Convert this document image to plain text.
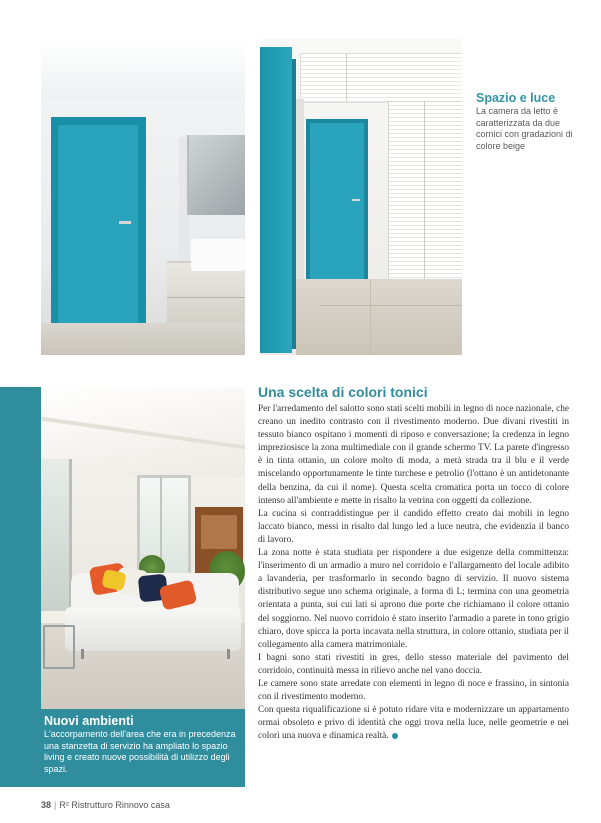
Spazio e luce
La camera da letto è caratterizzata da due cornici con gradazioni di colore beige
Nuovi ambienti
L'accorpamento dell'area che era in precedenza una stanzetta di servizio ha ampliato lo spazio living e creato nuove possibilità di utilizzo degli spazi.
Una scelta di colori tonici

Per l'arredamento del salotto sono stati scelti mobili in legno di noce nazionale, che creano un inedito contrasto con il rivestimento moderno. Due divani rivestiti in tessuto bianco ospitano i momenti di riposo e conversazione; la credenza in legno impreziosisce la zona multimediale con il grande schermo TV. La parete d'ingresso è in tinta ottanio, un colore molto di moda, a metà strada tra il blu e il verde miscelando opportunamente le tinte turchese e petrolio (l'ottano è un antidetonante della benzina, da cui il nome). Questa scelta cromatica porta un tocco di colore intenso all'ambiente e mette in risalto la vetrina con oggetti da collezione.

La cucina si contraddistingue per il candido effetto creato dai mobili in legno laccato bianco, messi in risalto dal lungo led a luce neutra, che evidenzia il banco di lavoro.

La zona notte è stata studiata per rispondere a due esigenze della committenza: l'inserimento di un armadio a muro nel corridoio e l'allargamento del locale adibito a lavanderia, per trasformarlo in secondo bagno di servizio. Il nuovo sistema distributivo segue uno schema originale, a forma di L; termina con una geometria orientata a punta, sui cui lati si aprono due porte che richiamano il colore ottanio del soggiorno. Nel nuovo corridoio è stato inserito l'armadio a parete in tono grigio chiaro, dove spicca la porta incavata nella struttura, in colore ottanio, studiata per il collegamento alla camera matrimoniale.

I bagni sono stati rivestiti in gres, dello stesso materiale del pavimento del corridoio, continuità messa in rilievo anche nel vano doccia.

Le camere sono state arredate con elementi in legno di noce e frassino, in sintonia con il rivestimento moderno.

Con questa riqualificazione si è potuto ridare vita e modernizzare un appartamento ormai obsoleto e privo di identità che oggi trova nella luce, nelle geometrie e nei colori una nuova e dinamica realtà.

38 | R² Ristrutturo Rinnovo casa
